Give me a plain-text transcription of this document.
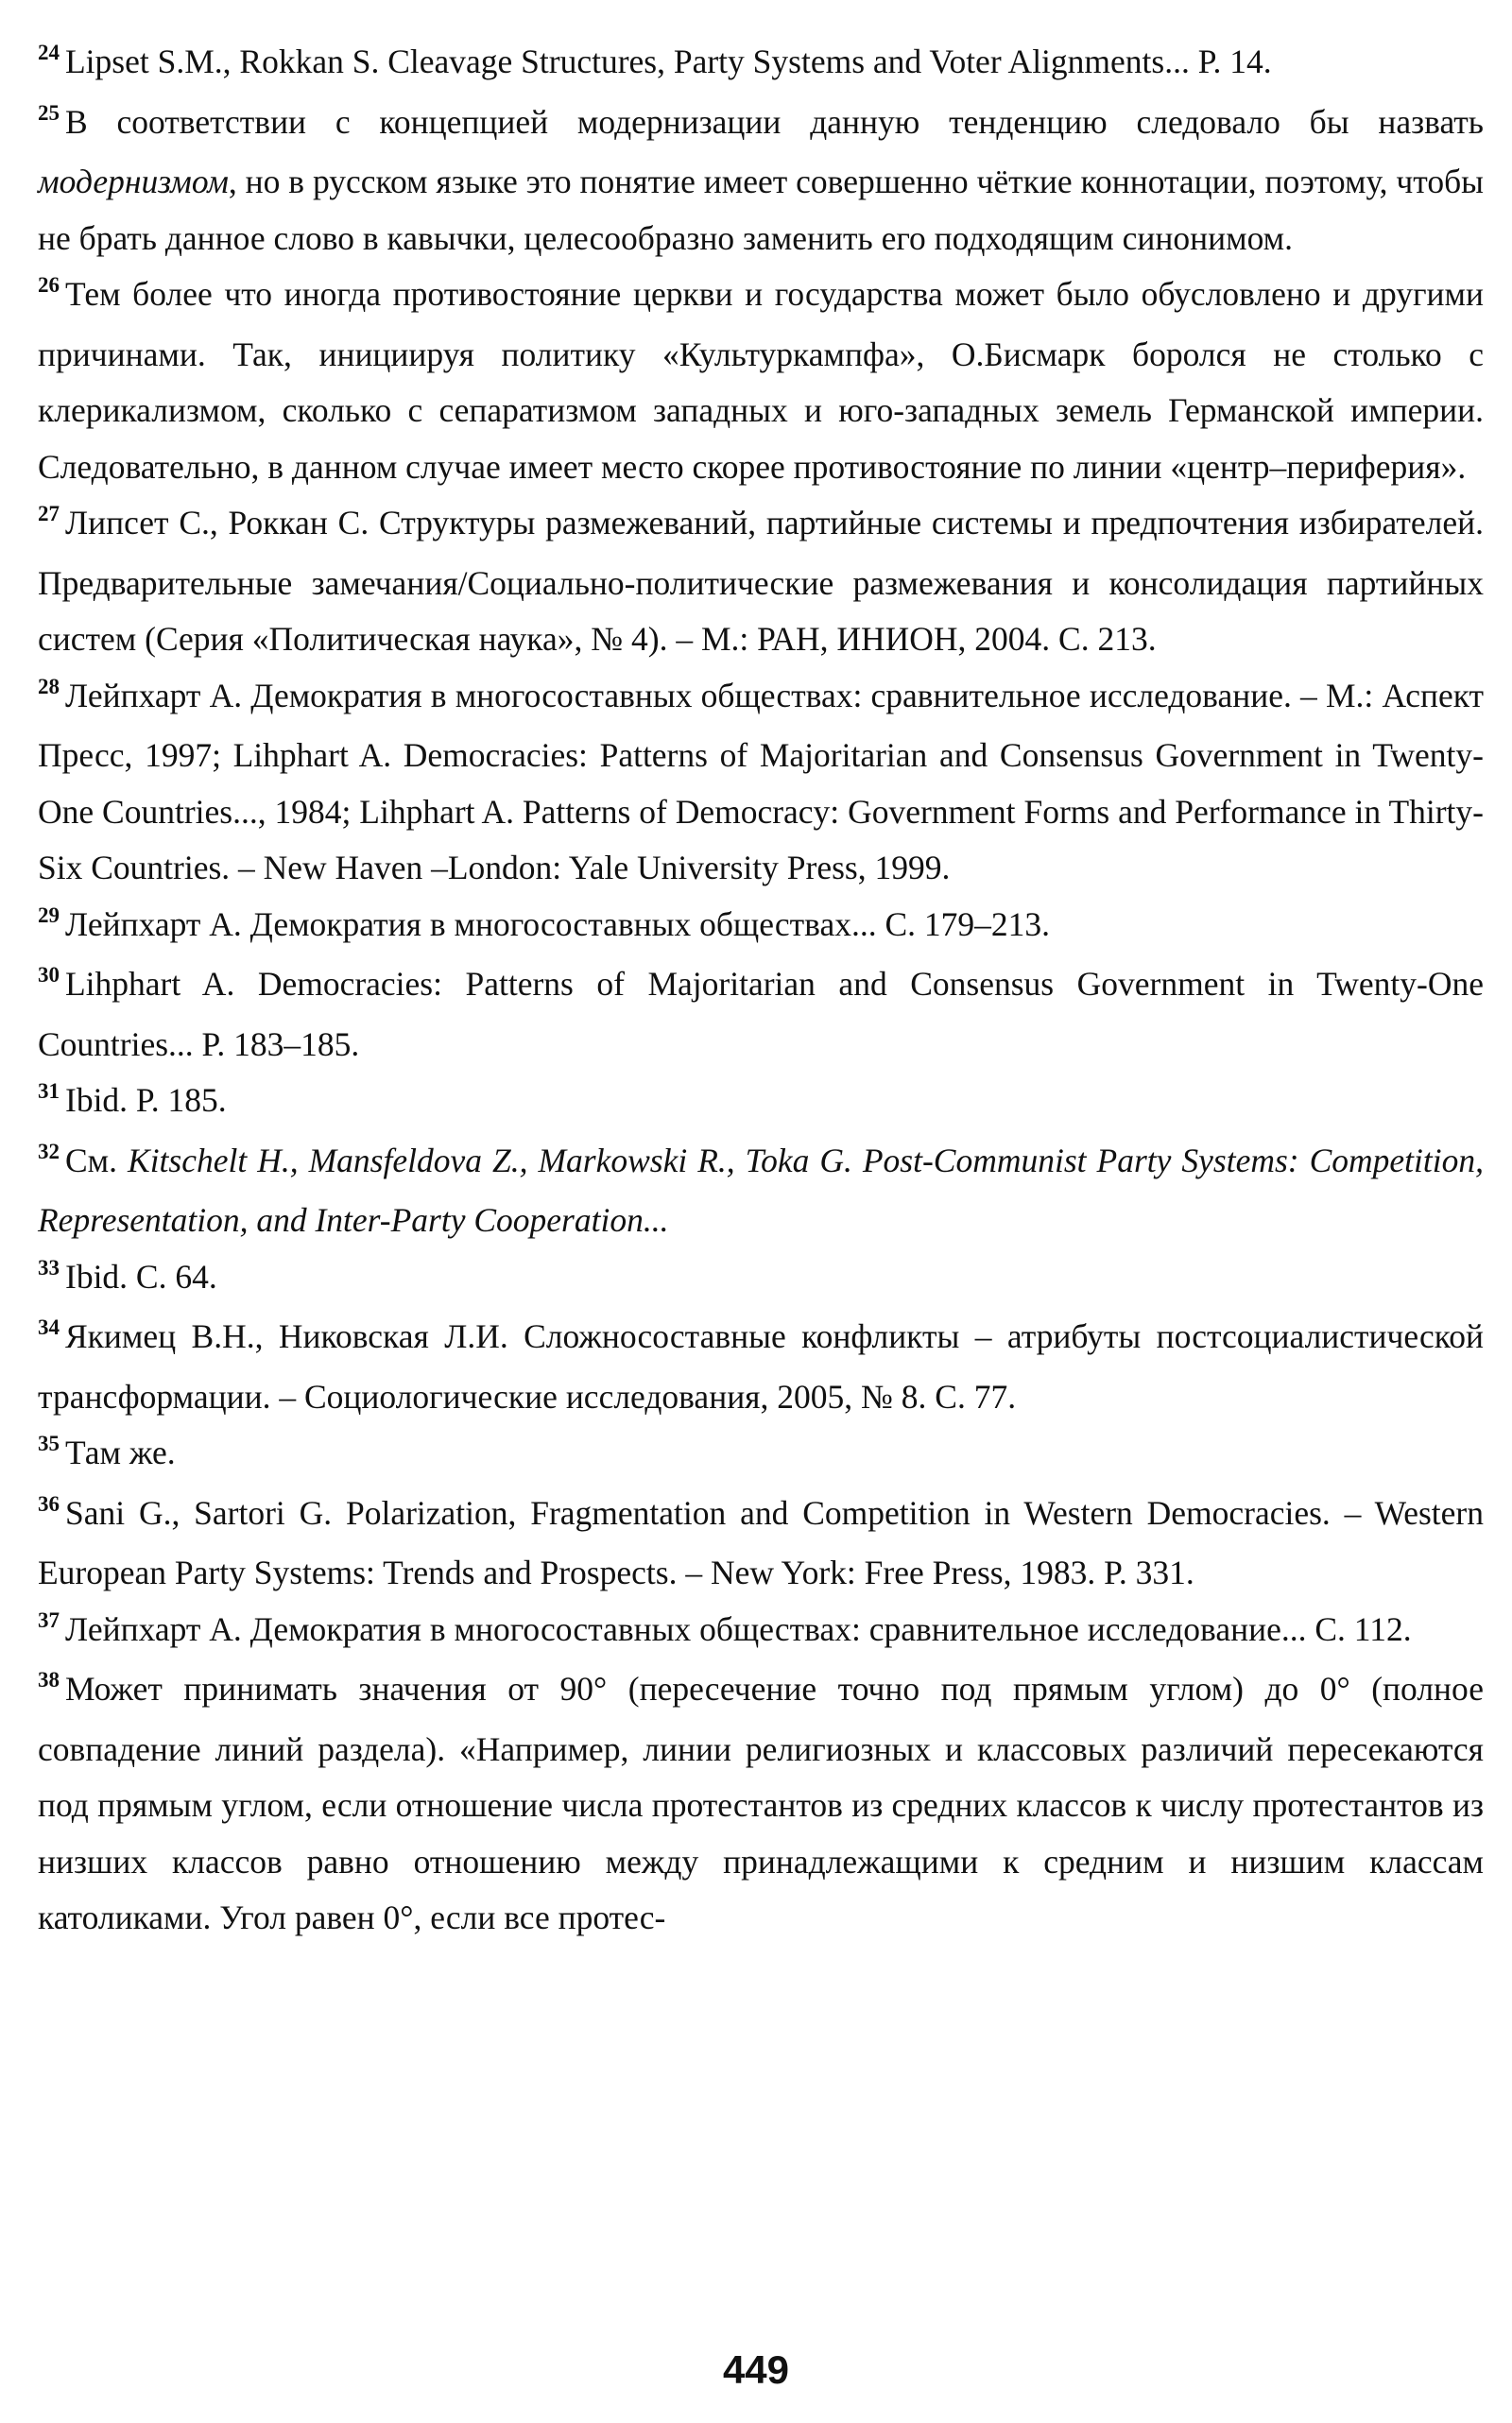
$^{24}$ Lipset S.M., Rokkan S. Cleavage Structures, Party Systems and Voter Alignments... P. 14.

$^{25}$ В соответствии с концепцией модернизации данную тенденцию следовало бы назвать модернизмом, но в русском языке это понятие имеет совершенно чёткие коннотации, поэтому, чтобы не брать данное слово в кавычки, целесообразно заменить его подходящим синонимом.

$^{26}$ Тем более что иногда противостояние церкви и государства может было обусловлено и другими причинами. Так, инициируя политику «Культуркампфа», О.Бисмарк боролся не столько с клерикализмом, сколько с сепаратизмом западных и юго-западных земель Германской империи. Следовательно, в данном случае имеет место скорее противостояние по линии «центр–периферия».

$^{27}$ Липсет С., Роккан С. Структуры размежеваний, партийные системы и предпочтения избирателей. Предварительные замечания/Социально-политические размежевания и консолидация партийных систем (Серия «Политическая наука», № 4). – М.: РАН, ИНИОН, 2004. С. 213.

$^{28}$ Лейпхарт А. Демократия в многосоставных обществах: сравнительное исследование. – М.: Аспект Пресс, 1997; Lihphart A. Democracies: Patterns of Majoritarian and Consensus Government in Twenty-One Countries..., 1984; Lihphart A. Patterns of Democracy: Government Forms and Performance in Thirty-Six Countries. – New Haven –London: Yale University Press, 1999.

$^{29}$ Лейпхарт А. Демократия в многосоставных обществах... С. 179–213.

$^{30}$ Lihphart A. Democracies: Patterns of Majoritarian and Consensus Government in Twenty-One Countries... P. 183–185.

$^{31}$ Ibid. P. 185.

$^{32}$ См. Kitschelt H., Mansfeldova Z., Markowski R., Toka G. Post-Communist Party Systems: Competition, Representation, and Inter-Party Cooperation...

$^{33}$ Ibid. C. 64.

$^{34}$ Якимец В.Н., Никовская Л.И. Сложносоставные конфликты – атрибуты постсоциалистической трансформации. – Социологические исследования, 2005, № 8. С. 77.

$^{35}$ Там же.

$^{36}$ Sani G., Sartori G. Polarization, Fragmentation and Competition in Western Democracies. – Western European Party Systems: Trends and Prospects. – New York: Free Press, 1983. P. 331.

$^{37}$ Лейпхарт А. Демократия в многосоставных обществах: сравнительное исследование... С. 112.

$^{38}$ Может принимать значения от 90° (пересечение точно под прямым углом) до 0° (полное совпадение линий раздела). «Например, линии религиозных и классовых различий пересекаются под прямым углом, если отношение числа протестантов из средних классов к числу протестантов из низших классов равно отношению между принадлежащими к средним и низшим классам католиками. Угол равен 0°, если все протес-

449
